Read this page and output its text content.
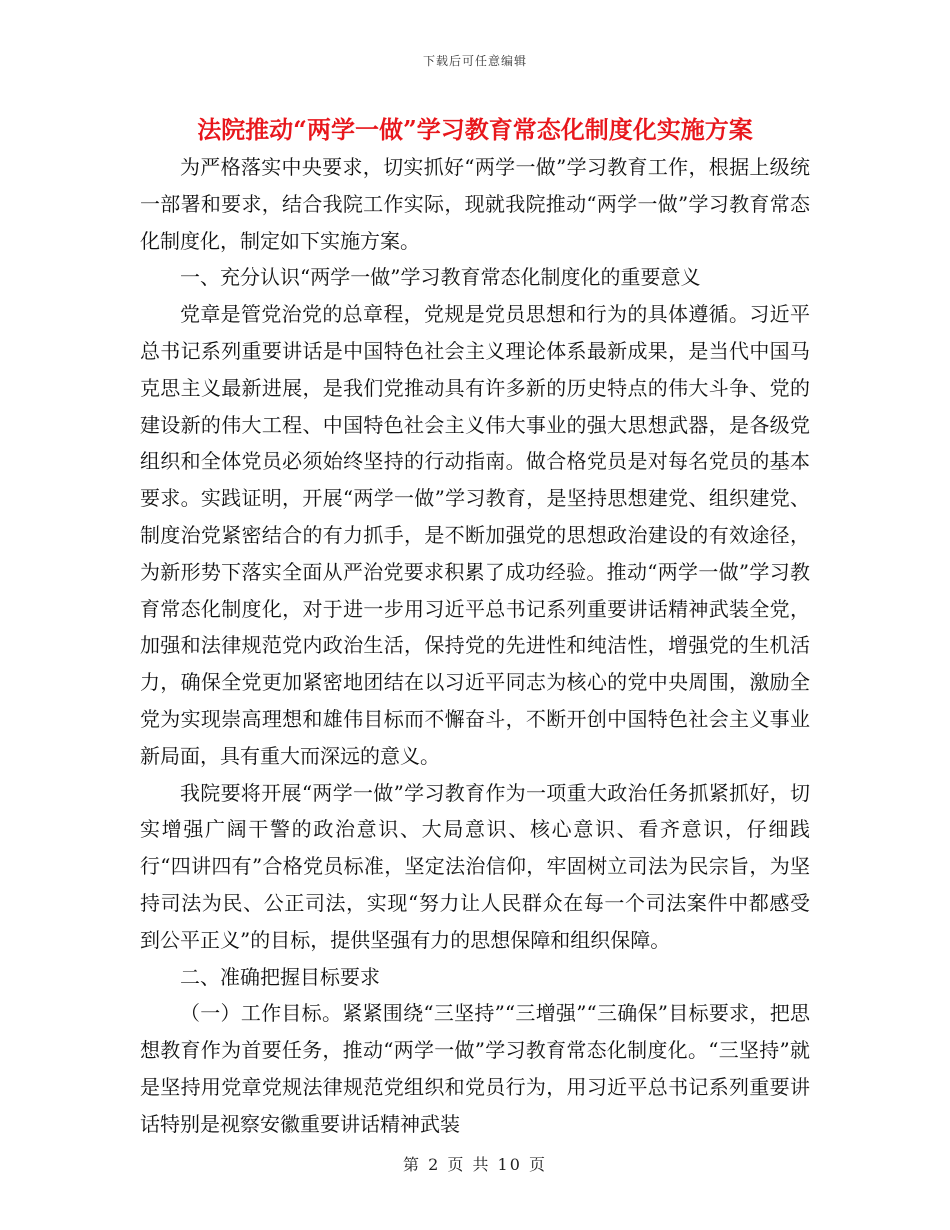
下载后可任意编辑
法院推动“两学一做”学习教育常态化制度化实施方案

为严格落实中央要求，切实抓好“两学一做”学习教育工作，根据上级统一部署和要求，结合我院工作实际，现就我院推动“两学一做”学习教育常态化制度化，制定如下实施方案。

一、充分认识“两学一做”学习教育常态化制度化的重要意义

党章是管党治党的总章程，党规是党员思想和行为的具体遵循。习近平总书记系列重要讲话是中国特色社会主义理论体系最新成果，是当代中国马克思主义最新进展，是我们党推动具有许多新的历史特点的伟大斗争、党的建设新的伟大工程、中国特色社会主义伟大事业的强大思想武器，是各级党组织和全体党员必须始终坚持的行动指南。做合格党员是对每名党员的基本要求。实践证明，开展“两学一做”学习教育，是坚持思想建党、组织建党、制度治党紧密结合的有力抓手，是不断加强党的思想政治建设的有效途径，为新形势下落实全面从严治党要求积累了成功经验。推动“两学一做”学习教育常态化制度化，对于进一步用习近平总书记系列重要讲话精神武装全党，加强和法律规范党内政治生活，保持党的先进性和纯洁性，增强党的生机活力，确保全党更加紧密地团结在以习近平同志为核心的党中央周围，激励全党为实现崇高理想和雄伟目标而不懈奋斗，不断开创中国特色社会主义事业新局面，具有重大而深远的意义。

我院要将开展“两学一做”学习教育作为一项重大政治任务抓紧抓好，切实增强广阔干警的政治意识、大局意识、核心意识、看齐意识，仔细践行“四讲四有”合格党员标准，坚定法治信仰，牢固树立司法为民宗旨，为坚持司法为民、公正司法，实现“努力让人民群众在每一个司法案件中都感受到公平正义”的目标，提供坚强有力的思想保障和组织保障。

二、准确把握目标要求

（一）工作目标。紧紧围绕“三坚持”“三增强”“三确保”目标要求，把思想教育作为首要任务，推动“两学一做”学习教育常态化制度化。“三坚持”就是坚持用党章党规法律规范党组织和党员行为，用习近平总书记系列重要讲话特别是视察安徽重要讲话精神武装

第 2 页 共 10 页
